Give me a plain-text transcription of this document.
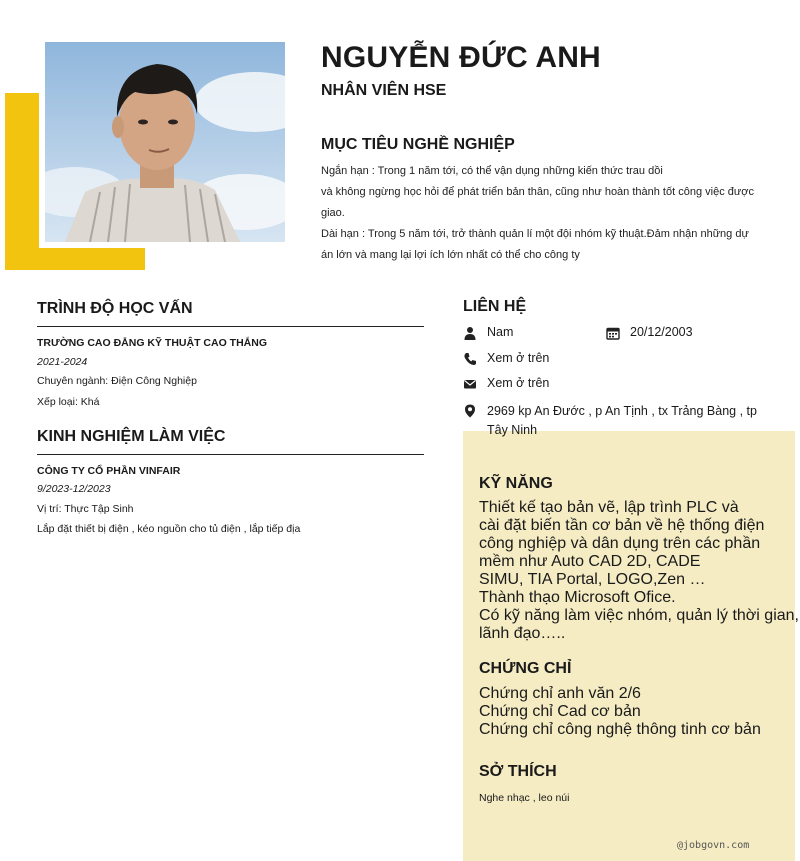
NGUYỄN ĐỨC ANH
NHÂN VIÊN HSE
MỤC TIÊU NGHỀ NGHIỆP

Ngắn hạn : Trong 1 năm tới, có thể vận dụng những kiến thức trau dồi

và không ngừng học hỏi để phát triển bản thân, cũng như hoàn thành tốt công việc được

giao.

Dài hạn : Trong 5 năm tới, trở thành quản lí một đội nhóm kỹ thuật.Đảm nhận những dự

án lớn và mang lại lợi ích lớn nhất có thể cho công ty

TRÌNH ĐỘ HỌC VẤN
TRƯỜNG CAO ĐẲNG KỸ THUẬT CAO THẮNG
2021-2024
Chuyên ngành: Điện Công Nghiệp
Xếp loại: Khá
KINH NGHIỆM LÀM VIỆC
CÔNG TY CỔ PHẦN VINFAIR
9/2023-12/2023
Vị trí: Thực Tập Sinh
Lắp đặt thiết bị điện , kéo nguồn cho tủ điện , lắp tiếp địa
LIÊN HỆ
Nam	20/12/2003
Xem ở trên
Xem ở trên
2969 kp An Đước , p An Tịnh , tx Trảng Bàng , tp
Tây Ninh
KỸ NĂNG
Thiết kế tạo bản vẽ, lập trình PLC và
cài đặt biến tần cơ bản về hệ thống điện
công nghiệp và dân dụng trên các phần
mềm như Auto CAD 2D, CADE
SIMU, TIA Portal, LOGO,Zen …
Thành thạo Microsoft Ofice.
Có kỹ năng làm việc nhóm, quản lý thời gian, lãnh đạo…..
CHỨNG CHỈ
Chứng chỉ anh văn 2/6
Chứng chỉ Cad cơ bản
Chứng chỉ công nghệ thông tinh cơ bản
SỞ THÍCH
Nghe nhạc , leo núi
@jobgovn.com
